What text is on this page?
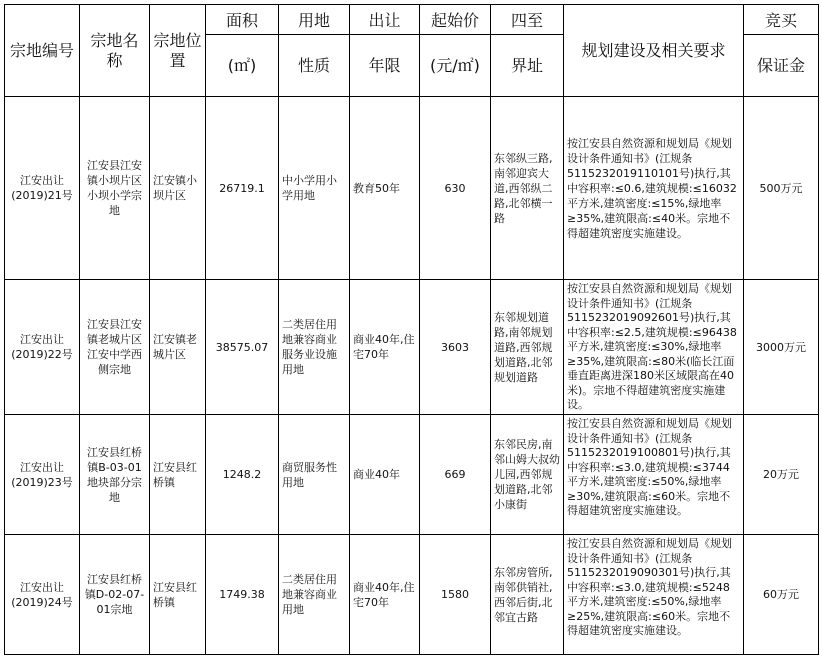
宗地编号	宗地名称	宗地位置	面积	用地	出让	起始价	四至	规划建设及相关要求	竞买
			(㎡)	性质	年限	(元/㎡)	界址		保证金
江安出让(2019)21号	江安县江安镇小坝片区小坝小学宗地	江安镇小坝片区	26719.1	中小学用小学用地	教育50年	630	东邻纵三路,南邻迎宾大道,西邻纵二路,北邻横一路	按江安县自然资源和规划局《规划设计条件通知书》(江规条5115232019110101号)执行,其中容积率:≤0.6,建筑规模:≤16032平方米,建筑密度:≤15%,绿地率≥35%,建筑限高:≤40米。宗地不得超建筑密度实施建设。	500万元
江安出让(2019)22号	江安县江安镇老城片区江安中学西侧宗地	江安镇老城片区	38575.07	二类居住用地兼容商业服务业设施用地	商业40年,住宅70年	3603	东邻规划道路,南邻规划道路,西邻规划道路,北邻规划道路	按江安县自然资源和规划局《规划设计条件通知书》(江规条5115232019092601号)执行,其中容积率:≤2.5,建筑规模:≤96438平方米,建筑密度:≤30%,绿地率≥35%,建筑限高:≤80米(临长江面垂直距离进深180米区域限高在40米)。宗地不得超建筑密度实施建设。	3000万元
江安出让(2019)23号	江安县红桥镇B-03-01地块部分宗地	江安县红桥镇	1248.2	商贸服务性用地	商业40年	669	东邻民房,南邻山姆大叔幼儿园,西邻规划道路,北邻小康街	按江安县自然资源和规划局《规划设计条件通知书》(江规条5115232019100801号)执行,其中容积率:≤3.0,建筑规模:≤3744平方米,建筑密度:≤50%,绿地率≥30%,建筑限高:≤60米。宗地不得超建筑密度实施建设。	20万元
江安出让(2019)24号	江安县红桥镇D-02-07-01宗地	江安县红桥镇	1749.38	二类居住用地兼容商业用地	商业40年,住宅70年	1580	东邻房管所,南邻供销社,西邻后街,北邻宜古路	按江安县自然资源和规划局《规划设计条件通知书》(江规条5115232019090301号)执行,其中容积率:≤3.0,建筑规模:≤5248平方米,建筑密度:≤50%,绿地率≥25%,建筑限高:≤60米。宗地不得超建筑密度实施建设。	60万元
